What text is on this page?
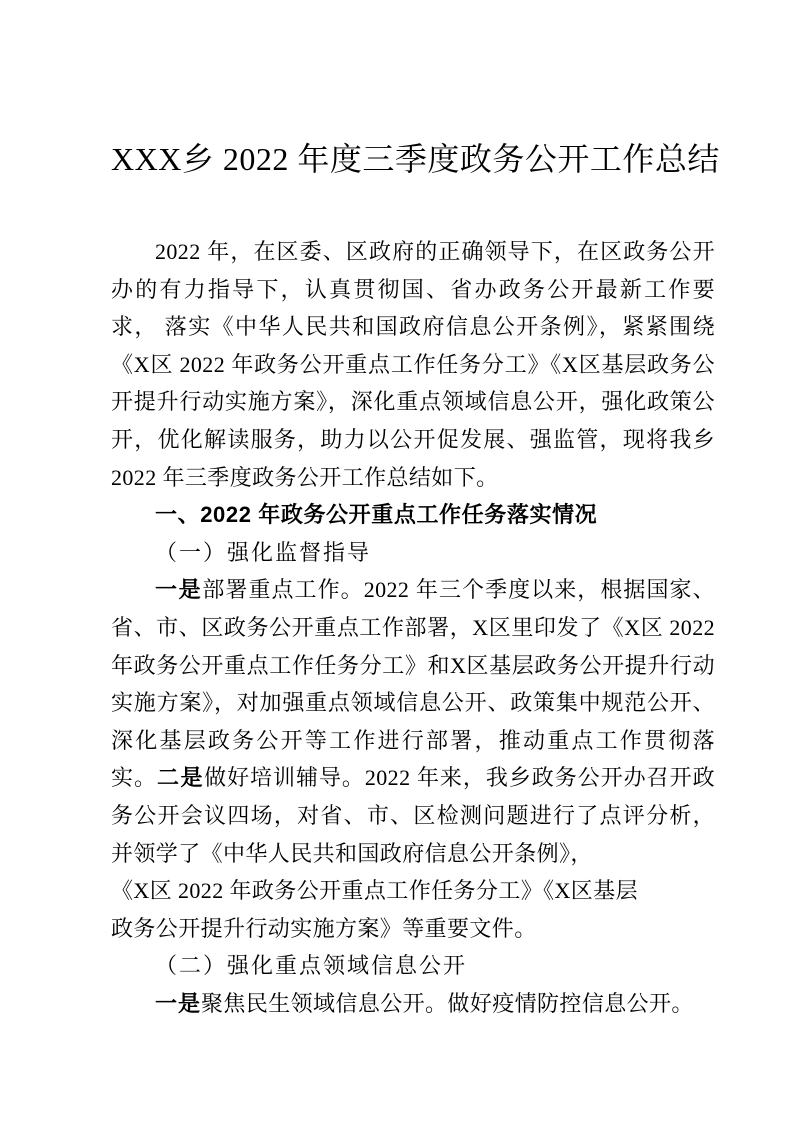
XXX乡 2022 年度三季度政务公开工作总结

2022 年，在区委、区政府的正确领导下，在区政务公开办的有力指导下，认真贯彻国、省办政务公开最新工作要求， 落实《中华人民共和国政府信息公开条例》，紧紧围绕《X区 2022 年政务公开重点工作任务分工》《X区基层政务公开提升行动实施方案》，深化重点领域信息公开，强化政策公开，优化解读服务，助力以公开促发展、强监管，现将我乡2022 年三季度政务公开工作总结如下。

一、2022 年政务公开重点工作任务落实情况

（一）强化监督指导

一是部署重点工作。2022 年三个季度以来，根据国家、省、市、区政务公开重点工作部署，X区里印发了《X区 2022 年政务公开重点工作任务分工》和X区基层政务公开提升行动实施方案》，对加强重点领域信息公开、政策集中规范公开、深化基层政务公开等工作进行部署，推动重点工作贯彻落实。二是做好培训辅导。2022 年来，我乡政务公开办召开政务公开会议四场，对省、市、区检测问题进行了点评分析，并领学了《中华人民共和国政府信息公开条例》，

《X区 2022 年政务公开重点工作任务分工》《X区基层

政务公开提升行动实施方案》等重要文件。

（二）强化重点领域信息公开

一是聚焦民生领域信息公开。做好疫情防控信息公开。
